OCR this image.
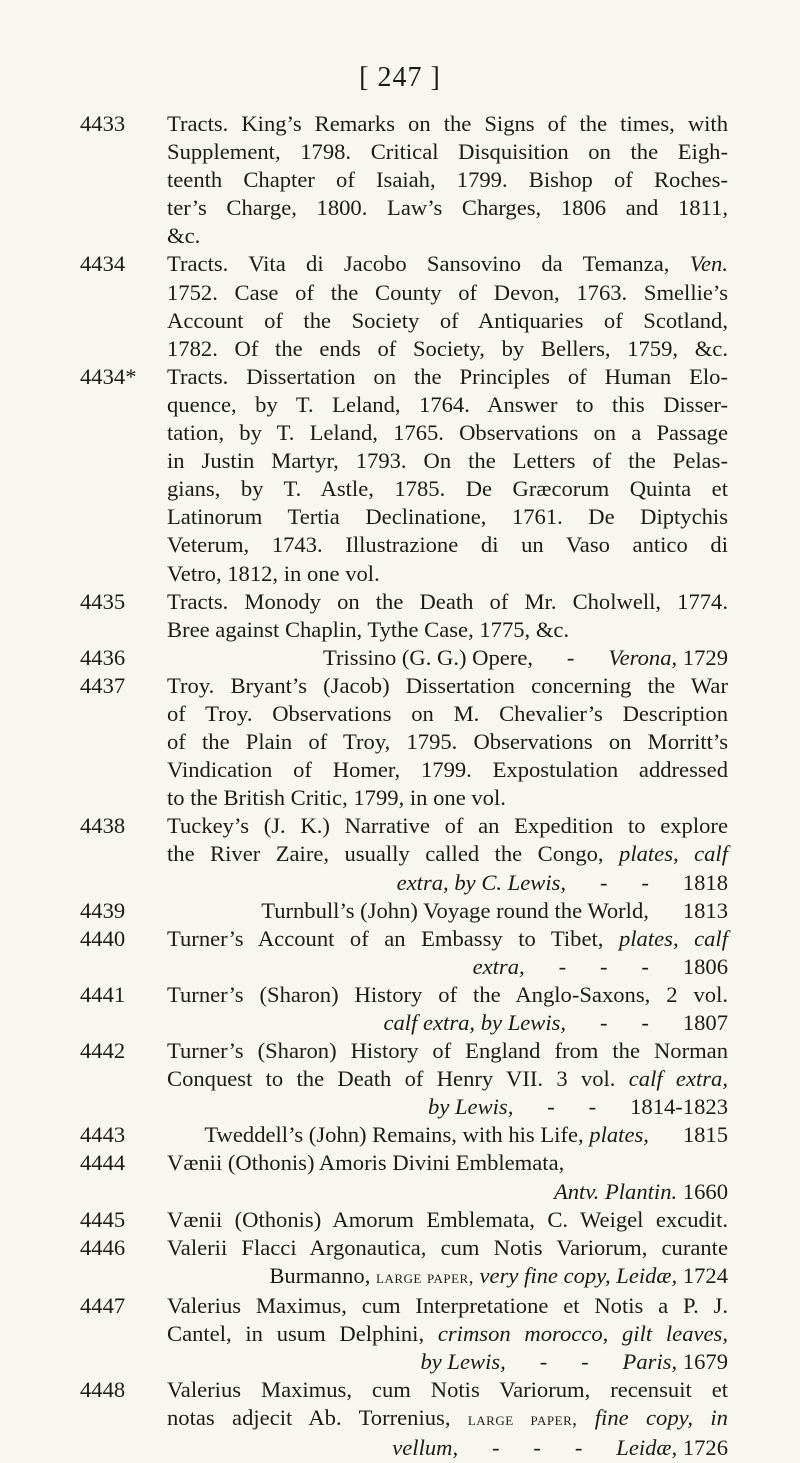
[ 247 ]
4433	Tracts. King’s Remarks on the Signs of the times, with
Supplement, 1798. Critical Disquisition on the Eigh-
teenth Chapter of Isaiah, 1799. Bishop of Roches-
ter’s Charge, 1800. Law’s Charges, 1806 and 1811,
&c.
4434	Tracts. Vita di Jacobo Sansovino da Temanza, Ven.
1752. Case of the County of Devon, 1763. Smellie’s
Account of the Society of Antiquaries of Scotland,
1782. Of the ends of Society, by Bellers, 1759, &c.
4434*	Tracts. Dissertation on the Principles of Human Elo-
quence, by T. Leland, 1764. Answer to this Disser-
tation, by T. Leland, 1765. Observations on a Passage
in Justin Martyr, 1793. On the Letters of the Pelas-
gians, by T. Astle, 1785. De Græcorum Quinta et
Latinorum Tertia Declinatione, 1761. De Diptychis
Veterum, 1743. Illustrazione di un Vaso antico di
Vetro, 1812, in one vol.
4435	Tracts. Monody on the Death of Mr. Cholwell, 1774.
Bree against Chaplin, Tythe Case, 1775, &c.
4436	Trissino (G. G.) Opere,      -      Verona, 1729
4437	Troy. Bryant’s (Jacob) Dissertation concerning the War
of Troy. Observations on M. Chevalier’s Description
of the Plain of Troy, 1795. Observations on Morritt’s
Vindication of Homer, 1799. Expostulation addressed
to the British Critic, 1799, in one vol.
4438	Tuckey’s (J. K.) Narrative of an Expedition to explore
the River Zaire, usually called the Congo, plates, calf
extra, by C. Lewis,      -      -      1818
4439	Turnbull’s (John) Voyage round the World,      1813
4440	Turner’s Account of an Embassy to Tibet, plates, calf
extra,      -      -      -      1806
4441	Turner’s (Sharon) History of the Anglo-Saxons, 2 vol.
calf extra, by Lewis,      -      -      1807
4442	Turner’s (Sharon) History of England from the Norman
Conquest to the Death of Henry VII. 3 vol. calf extra,
by Lewis,      -      -      1814-1823
4443	Tweddell’s (John) Remains, with his Life, plates,      1815
4444	Vænii (Othonis) Amoris Divini Emblemata,
Antv. Plantin. 1660
4445	Vænii (Othonis) Amorum Emblemata, C. Weigel excudit.
4446	Valerii Flacci Argonautica, cum Notis Variorum, curante
Burmanno, large paper, very fine copy, Leidæ, 1724
4447	Valerius Maximus, cum Interpretatione et Notis a P. J.
Cantel, in usum Delphini, crimson morocco, gilt leaves,
by Lewis,      -      -      Paris, 1679
4448	Valerius Maximus, cum Notis Variorum, recensuit et
notas adjecit Ab. Torrenius, large paper, fine copy, in
vellum,      -      -      -      Leidæ, 1726
